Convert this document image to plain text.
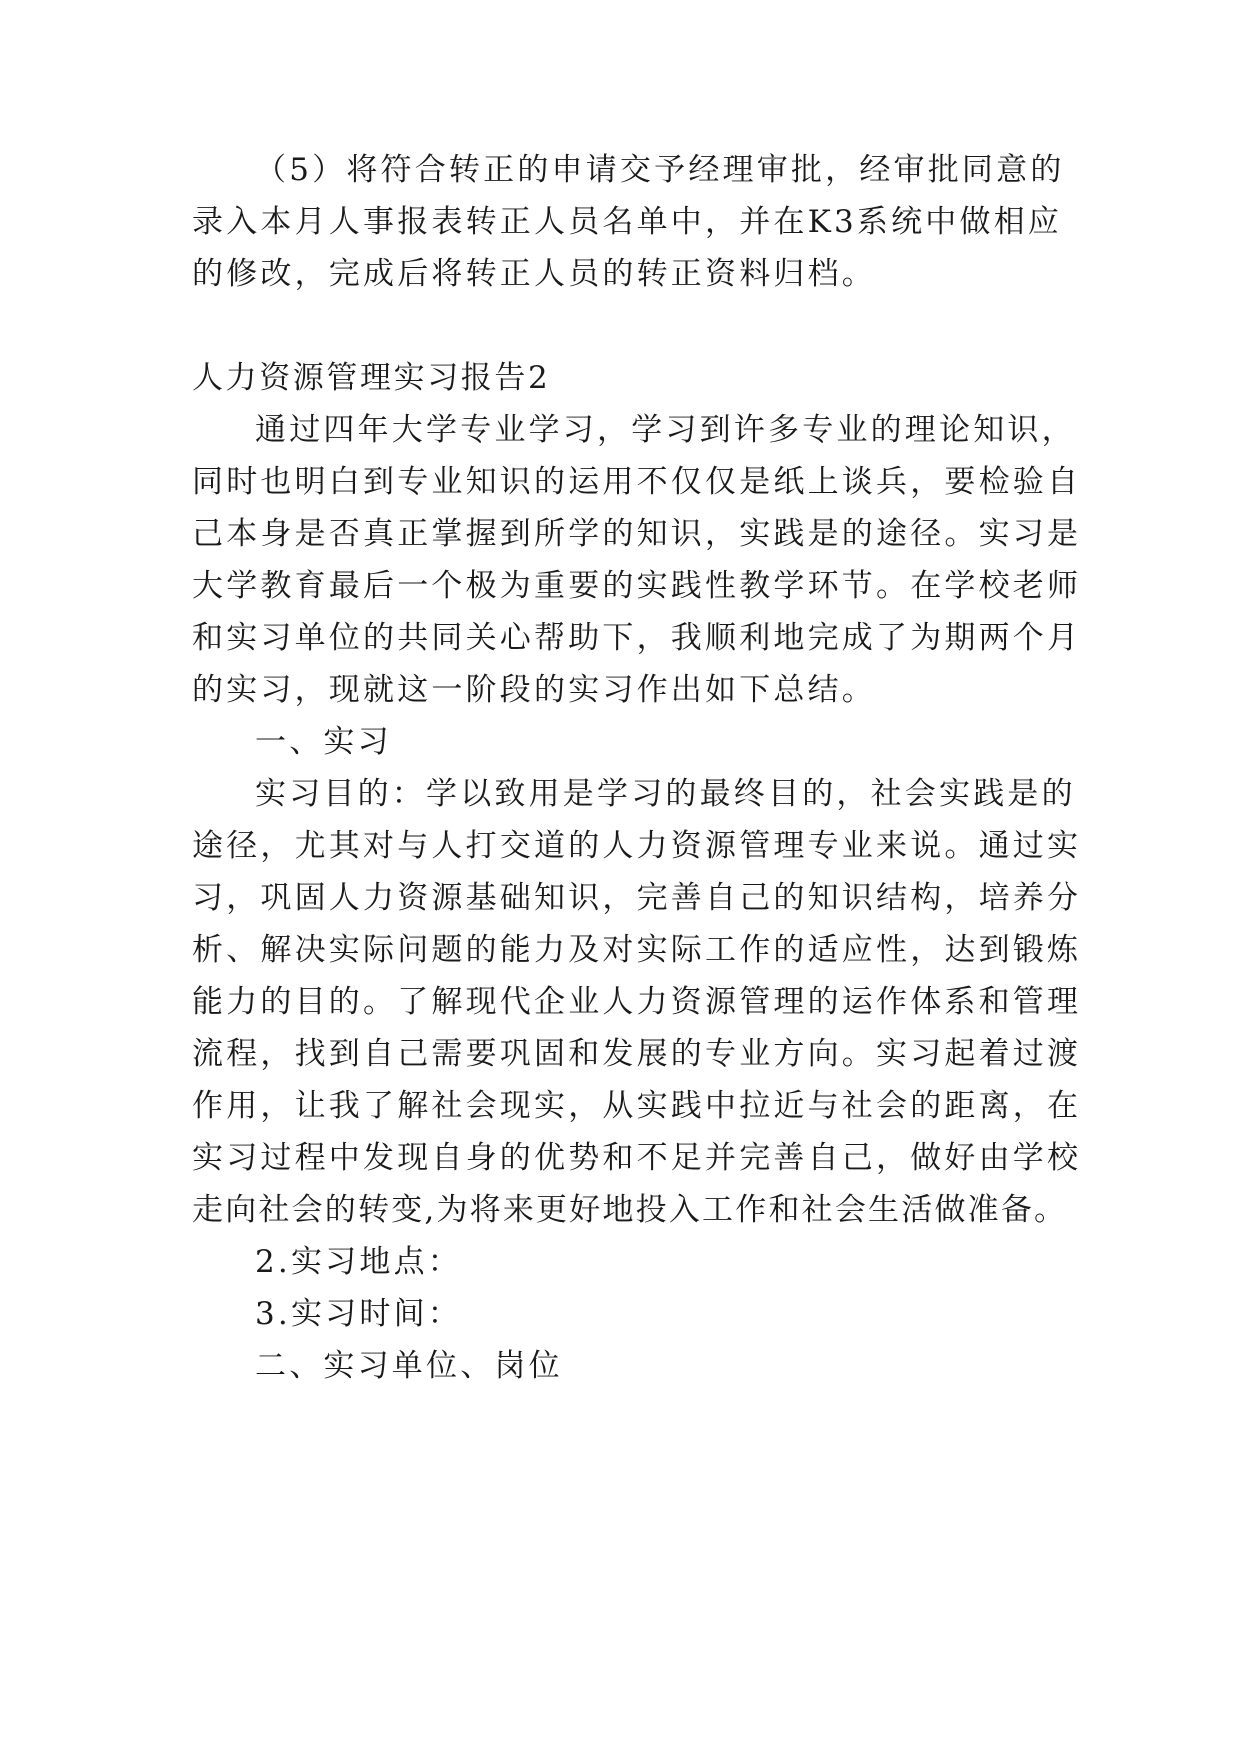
（5）将符合转正的申请交予经理审批，经审批同意的
录入本月人事报表转正人员名单中，并在K3系统中做相应
的修改，完成后将转正人员的转正资料归档。
人力资源管理实习报告2
通过四年大学专业学习，学习到许多专业的理论知识，
同时也明白到专业知识的运用不仅仅是纸上谈兵，要检验自
己本身是否真正掌握到所学的知识，实践是的途径。实习是
大学教育最后一个极为重要的实践性教学环节。在学校老师
和实习单位的共同关心帮助下，我顺利地完成了为期两个月
的实习，现就这一阶段的实习作出如下总结。
一、实习
实习目的：学以致用是学习的最终目的，社会实践是的
途径，尤其对与人打交道的人力资源管理专业来说。通过实
习，巩固人力资源基础知识，完善自己的知识结构，培养分
析、解决实际问题的能力及对实际工作的适应性，达到锻炼
能力的目的。了解现代企业人力资源管理的运作体系和管理
流程，找到自己需要巩固和发展的专业方向。实习起着过渡
作用，让我了解社会现实，从实践中拉近与社会的距离，在
实习过程中发现自身的优势和不足并完善自己，做好由学校
走向社会的转变,为将来更好地投入工作和社会生活做准备。
2.实习地点：
3.实习时间：
二、实习单位、岗位
